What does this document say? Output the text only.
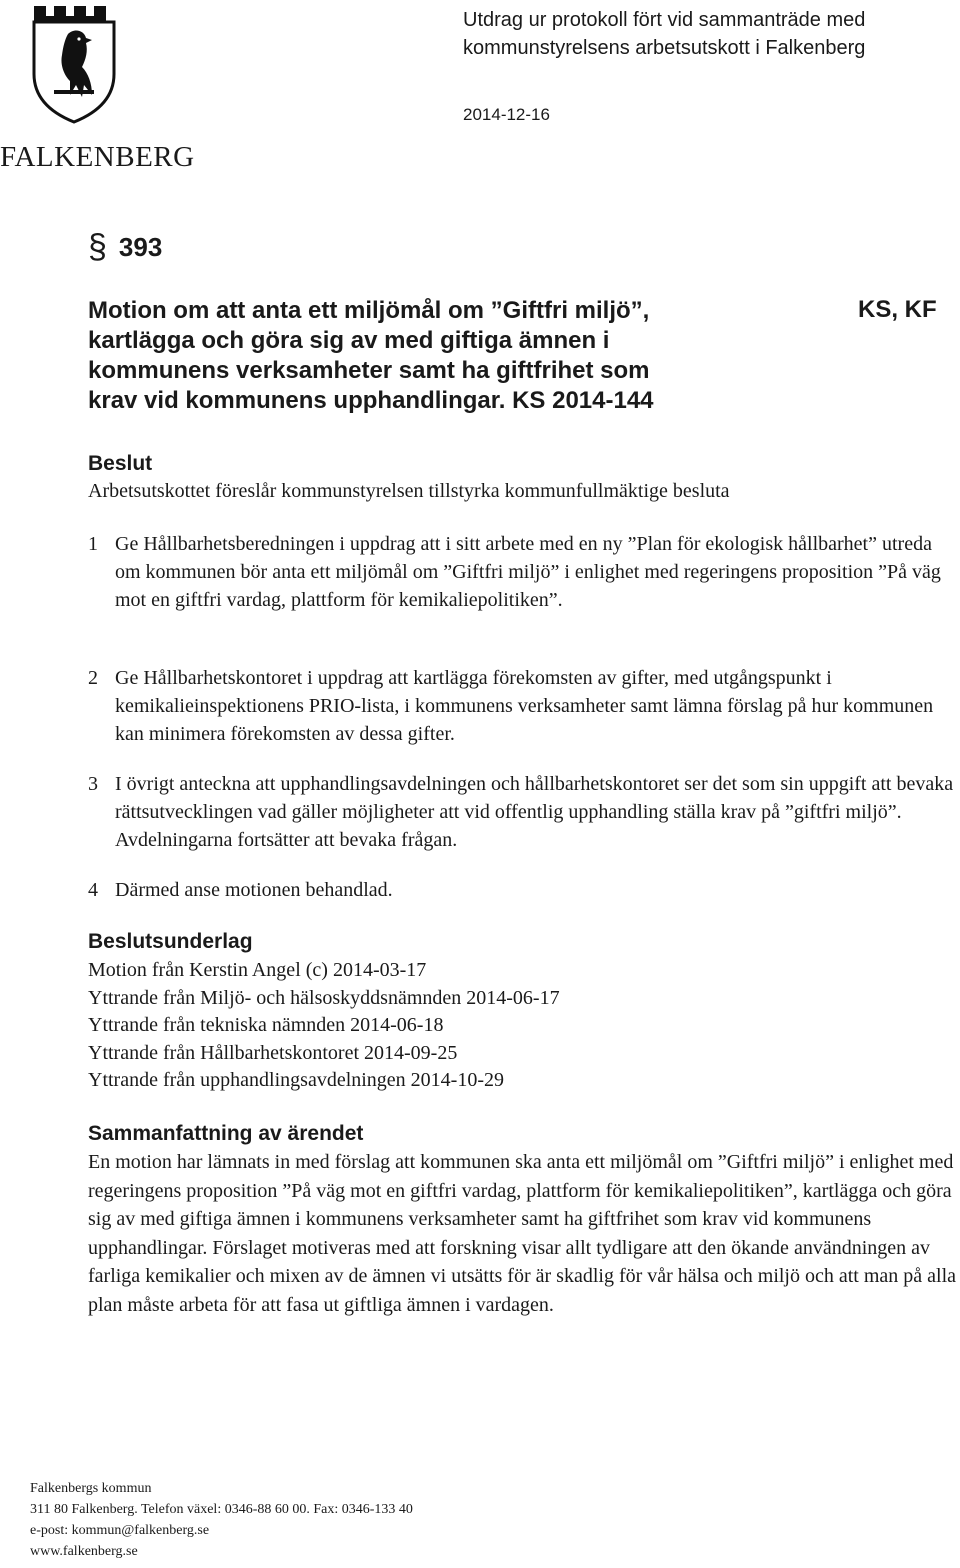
FALKENBERG
Utdrag ur protokoll fört vid sammanträde med
kommunstyrelsens arbetsutskott i Falkenberg
2014-12-16
§ 393
Motion om att anta ett miljömål om ”Giftfri miljö”,
kartlägga och göra sig av med giftiga ämnen i
kommunens verksamheter samt ha giftfrihet som
krav vid kommunens upphandlingar. KS 2014-144
KS, KF
Beslut
Arbetsutskottet föreslår kommunstyrelsen tillstyrka kommunfullmäktige besluta
1 Ge Hållbarhetsberedningen i uppdrag att i sitt arbete med en ny ”Plan för ekologisk hållbarhet” utreda om kommunen bör anta ett miljömål om ”Giftfri miljö” i enlighet med regeringens proposition ”På väg mot en giftfri vardag, plattform för kemikaliepolitiken”.
2 Ge Hållbarhetskontoret i uppdrag att kartlägga förekomsten av gifter, med utgångspunkt i kemikalieinspektionens PRIO-lista, i kommunens verksamheter samt lämna förslag på hur kommunen kan minimera förekomsten av dessa gifter.
3 I övrigt anteckna att upphandlingsavdelningen och hållbarhetskontoret ser det som sin uppgift att bevaka rättsutvecklingen vad gäller möjligheter att vid offentlig upphandling ställa krav på ”giftfri miljö”. Avdelningarna fortsätter att bevaka frågan.
4 Därmed anse motionen behandlad.
Beslutsunderlag
Motion från Kerstin Angel (c) 2014-03-17
Yttrande från Miljö- och hälsoskyddsnämnden 2014-06-17
Yttrande från tekniska nämnden 2014-06-18
Yttrande från Hållbarhetskontoret 2014-09-25
Yttrande från upphandlingsavdelningen 2014-10-29
Sammanfattning av ärendet
En motion har lämnats in med förslag att kommunen ska anta ett miljömål om ”Giftfri miljö” i enlighet med regeringens proposition ”På väg mot en giftfri vardag, plattform för kemikaliepolitiken”, kartlägga och göra sig av med giftiga ämnen i kommunens verksamheter samt ha giftfrihet som krav vid kommunens upphandlingar. Förslaget motiveras med att forskning visar allt tydligare att den ökande användningen av farliga kemikalier och mixen av de ämnen vi utsätts för är skadlig för vår hälsa och miljö och att man på alla plan måste arbeta för att fasa ut giftliga ämnen i vardagen.
Falkenbergs kommun
311 80 Falkenberg. Telefon växel: 0346-88 60 00. Fax: 0346-133 40
e-post: kommun@falkenberg.se
www.falkenberg.se
